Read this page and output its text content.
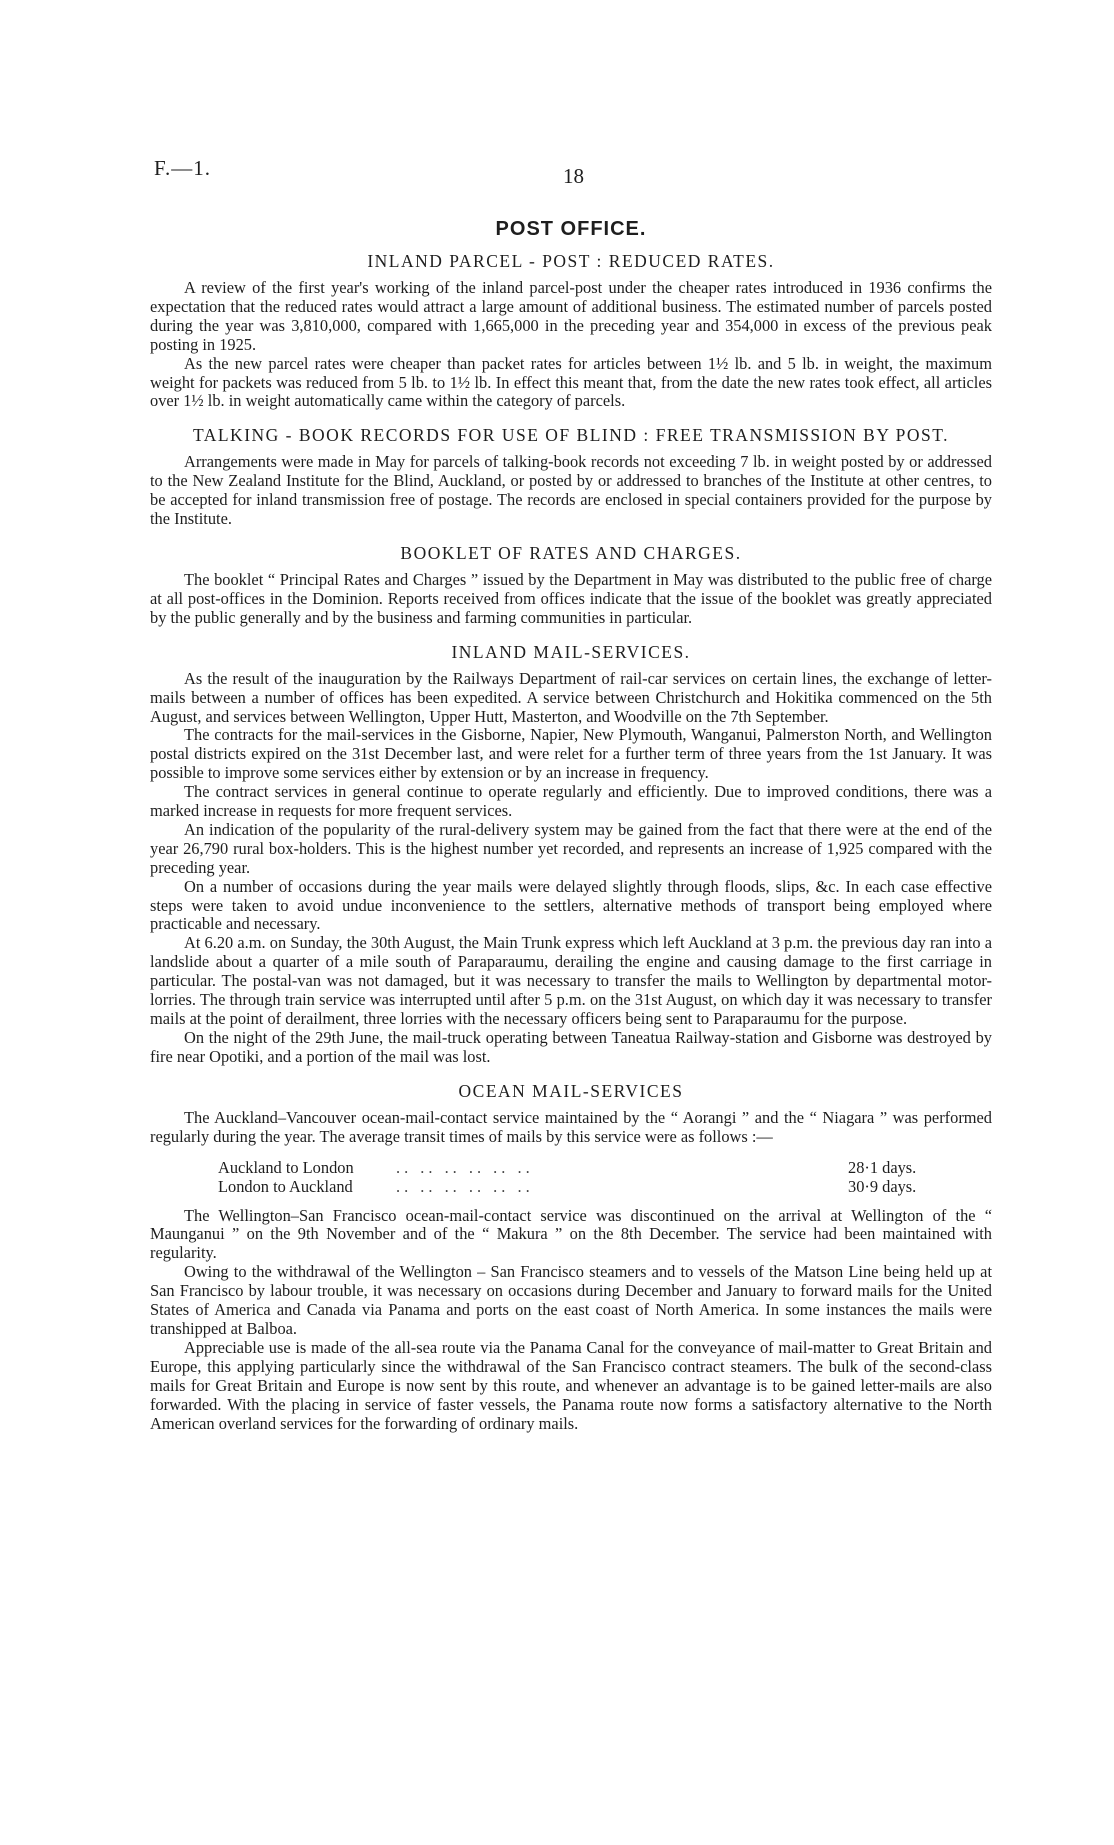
F.—1.	18
POST OFFICE.
INLAND PARCEL - POST : REDUCED RATES.

A review of the first year's working of the inland parcel-post under the cheaper rates introduced in 1936 confirms the expectation that the reduced rates would attract a large amount of additional business. The estimated number of parcels posted during the year was 3,810,000, compared with 1,665,000 in the preceding year and 354,000 in excess of the previous peak posting in 1925.

As the new parcel rates were cheaper than packet rates for articles between 1½ lb. and 5 lb. in weight, the maximum weight for packets was reduced from 5 lb. to 1½ lb. In effect this meant that, from the date the new rates took effect, all articles over 1½ lb. in weight automatically came within the category of parcels.

TALKING - BOOK RECORDS FOR USE OF BLIND : FREE TRANSMISSION BY POST.

Arrangements were made in May for parcels of talking-book records not exceeding 7 lb. in weight posted by or addressed to the New Zealand Institute for the Blind, Auckland, or posted by or addressed to branches of the Institute at other centres, to be accepted for inland transmission free of postage. The records are enclosed in special containers provided for the purpose by the Institute.

BOOKLET OF RATES AND CHARGES.

The booklet “ Principal Rates and Charges ” issued by the Department in May was distributed to the public free of charge at all post-offices in the Dominion. Reports received from offices indicate that the issue of the booklet was greatly appreciated by the public generally and by the business and farming communities in particular.

INLAND MAIL-SERVICES.

As the result of the inauguration by the Railways Department of rail-car services on certain lines, the exchange of letter-mails between a number of offices has been expedited. A service between Christchurch and Hokitika commenced on the 5th August, and services between Wellington, Upper Hutt, Masterton, and Woodville on the 7th September.

The contracts for the mail-services in the Gisborne, Napier, New Plymouth, Wanganui, Palmerston North, and Wellington postal districts expired on the 31st December last, and were relet for a further term of three years from the 1st January. It was possible to improve some services either by extension or by an increase in frequency.

The contract services in general continue to operate regularly and efficiently. Due to improved conditions, there was a marked increase in requests for more frequent services.

An indication of the popularity of the rural-delivery system may be gained from the fact that there were at the end of the year 26,790 rural box-holders. This is the highest number yet recorded, and represents an increase of 1,925 compared with the preceding year.

On a number of occasions during the year mails were delayed slightly through floods, slips, &c. In each case effective steps were taken to avoid undue inconvenience to the settlers, alternative methods of transport being employed where practicable and necessary.

At 6.20 a.m. on Sunday, the 30th August, the Main Trunk express which left Auckland at 3 p.m. the previous day ran into a landslide about a quarter of a mile south of Paraparaumu, derailing the engine and causing damage to the first carriage in particular. The postal-van was not damaged, but it was necessary to transfer the mails to Wellington by departmental motor-lorries. The through train service was interrupted until after 5 p.m. on the 31st August, on which day it was necessary to transfer mails at the point of derailment, three lorries with the necessary officers being sent to Paraparaumu for the purpose.

On the night of the 29th June, the mail-truck operating between Taneatua Railway-station and Gisborne was destroyed by fire near Opotiki, and a portion of the mail was lost.

OCEAN MAIL-SERVICES

The Auckland–Vancouver ocean-mail-contact service maintained by the “ Aorangi ” and the “ Niagara ” was performed regularly during the year. The average transit times of mails by this service were as follows :—

Auckland to London	.. .. .. .. .. ..	28·1 days.
London to Auckland	.. .. .. .. .. ..	30·9 days.

The Wellington–San Francisco ocean-mail-contact service was discontinued on the arrival at Wellington of the “ Maunganui ” on the 9th November and of the “ Makura ” on the 8th December. The service had been maintained with regularity.

Owing to the withdrawal of the Wellington – San Francisco steamers and to vessels of the Matson Line being held up at San Francisco by labour trouble, it was necessary on occasions during December and January to forward mails for the United States of America and Canada via Panama and ports on the east coast of North America. In some instances the mails were transhipped at Balboa.

Appreciable use is made of the all-sea route via the Panama Canal for the conveyance of mail-matter to Great Britain and Europe, this applying particularly since the withdrawal of the San Francisco contract steamers. The bulk of the second-class mails for Great Britain and Europe is now sent by this route, and whenever an advantage is to be gained letter-mails are also forwarded. With the placing in service of faster vessels, the Panama route now forms a satisfactory alternative to the North American overland services for the forwarding of ordinary mails.
